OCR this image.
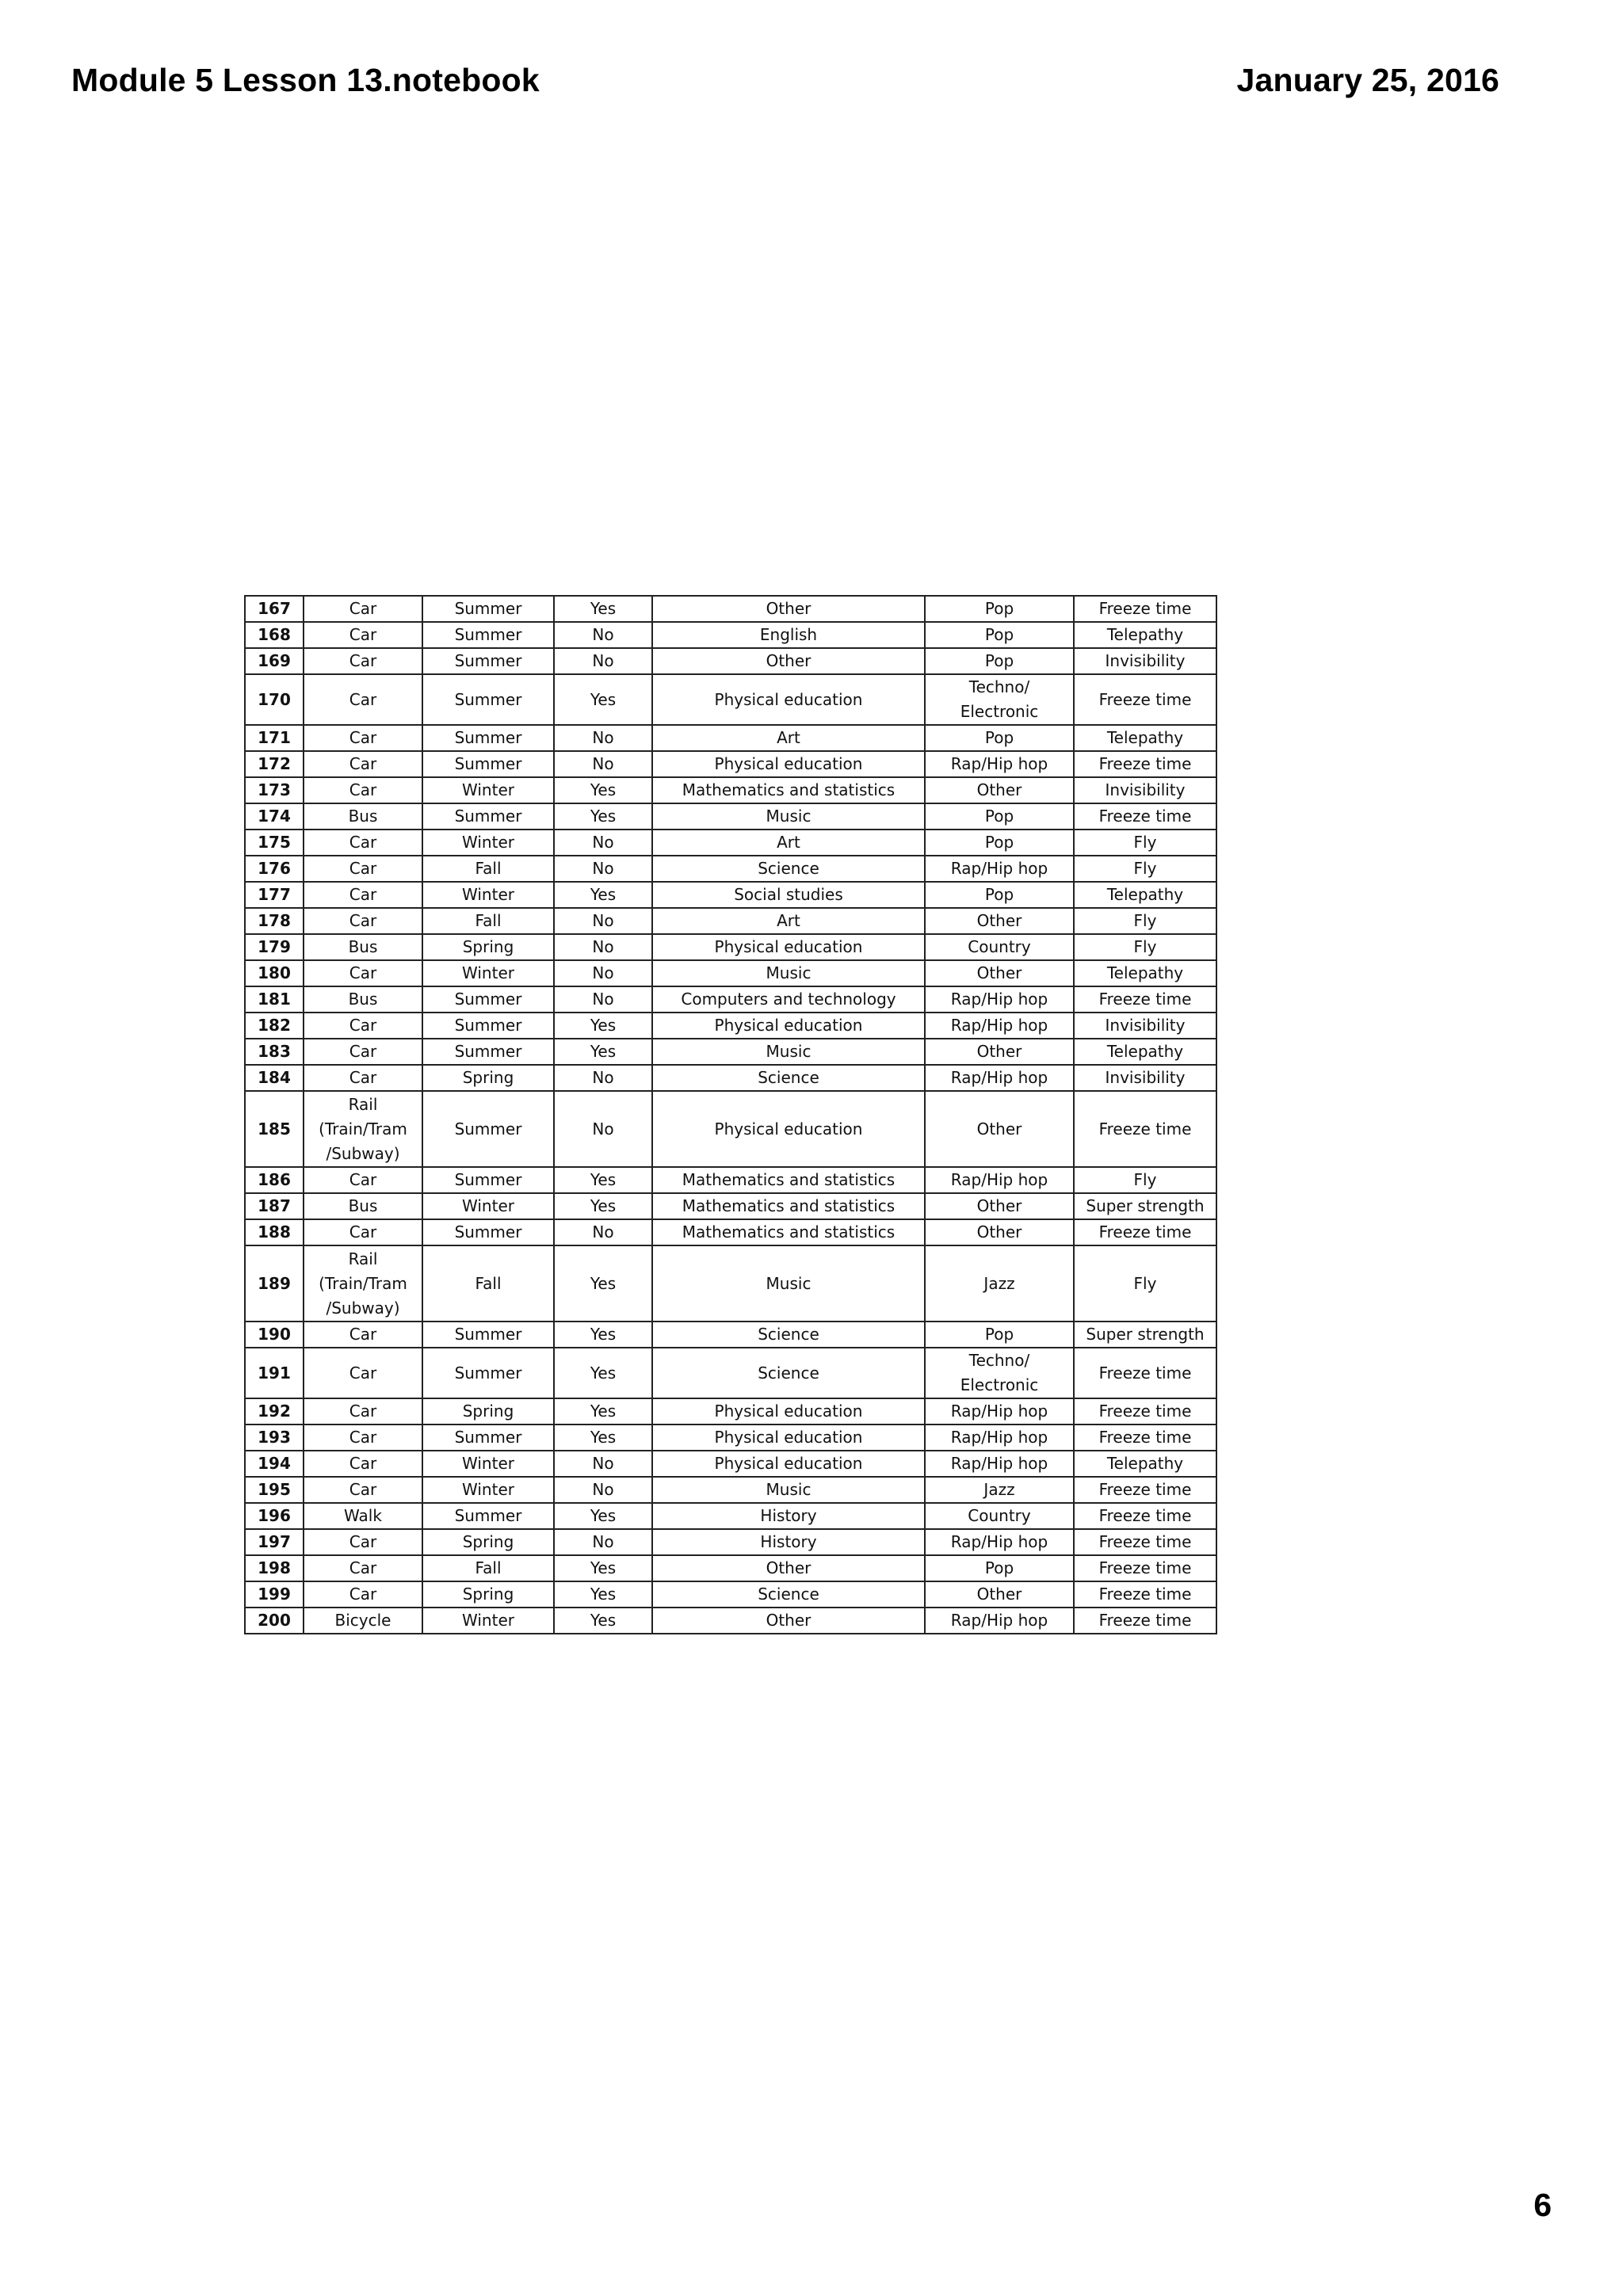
Module 5 Lesson 13.notebook	January 25, 2016
167	Car	Summer	Yes	Other	Pop	Freeze time
168	Car	Summer	No	English	Pop	Telepathy
169	Car	Summer	No	Other	Pop	Invisibility
170	Car	Summer	Yes	Physical education	Techno/
Electronic	Freeze time
171	Car	Summer	No	Art	Pop	Telepathy
172	Car	Summer	No	Physical education	Rap/Hip hop	Freeze time
173	Car	Winter	Yes	Mathematics and statistics	Other	Invisibility
174	Bus	Summer	Yes	Music	Pop	Freeze time
175	Car	Winter	No	Art	Pop	Fly
176	Car	Fall	No	Science	Rap/Hip hop	Fly
177	Car	Winter	Yes	Social studies	Pop	Telepathy
178	Car	Fall	No	Art	Other	Fly
179	Bus	Spring	No	Physical education	Country	Fly
180	Car	Winter	No	Music	Other	Telepathy
181	Bus	Summer	No	Computers and technology	Rap/Hip hop	Freeze time
182	Car	Summer	Yes	Physical education	Rap/Hip hop	Invisibility
183	Car	Summer	Yes	Music	Other	Telepathy
184	Car	Spring	No	Science	Rap/Hip hop	Invisibility
185	Rail
(Train/Tram
/Subway)	Summer	No	Physical education	Other	Freeze time
186	Car	Summer	Yes	Mathematics and statistics	Rap/Hip hop	Fly
187	Bus	Winter	Yes	Mathematics and statistics	Other	Super strength
188	Car	Summer	No	Mathematics and statistics	Other	Freeze time
189	Rail
(Train/Tram
/Subway)	Fall	Yes	Music	Jazz	Fly
190	Car	Summer	Yes	Science	Pop	Super strength
191	Car	Summer	Yes	Science	Techno/
Electronic	Freeze time
192	Car	Spring	Yes	Physical education	Rap/Hip hop	Freeze time
193	Car	Summer	Yes	Physical education	Rap/Hip hop	Freeze time
194	Car	Winter	No	Physical education	Rap/Hip hop	Telepathy
195	Car	Winter	No	Music	Jazz	Freeze time
196	Walk	Summer	Yes	History	Country	Freeze time
197	Car	Spring	No	History	Rap/Hip hop	Freeze time
198	Car	Fall	Yes	Other	Pop	Freeze time
199	Car	Spring	Yes	Science	Other	Freeze time
200	Bicycle	Winter	Yes	Other	Rap/Hip hop	Freeze time
6
